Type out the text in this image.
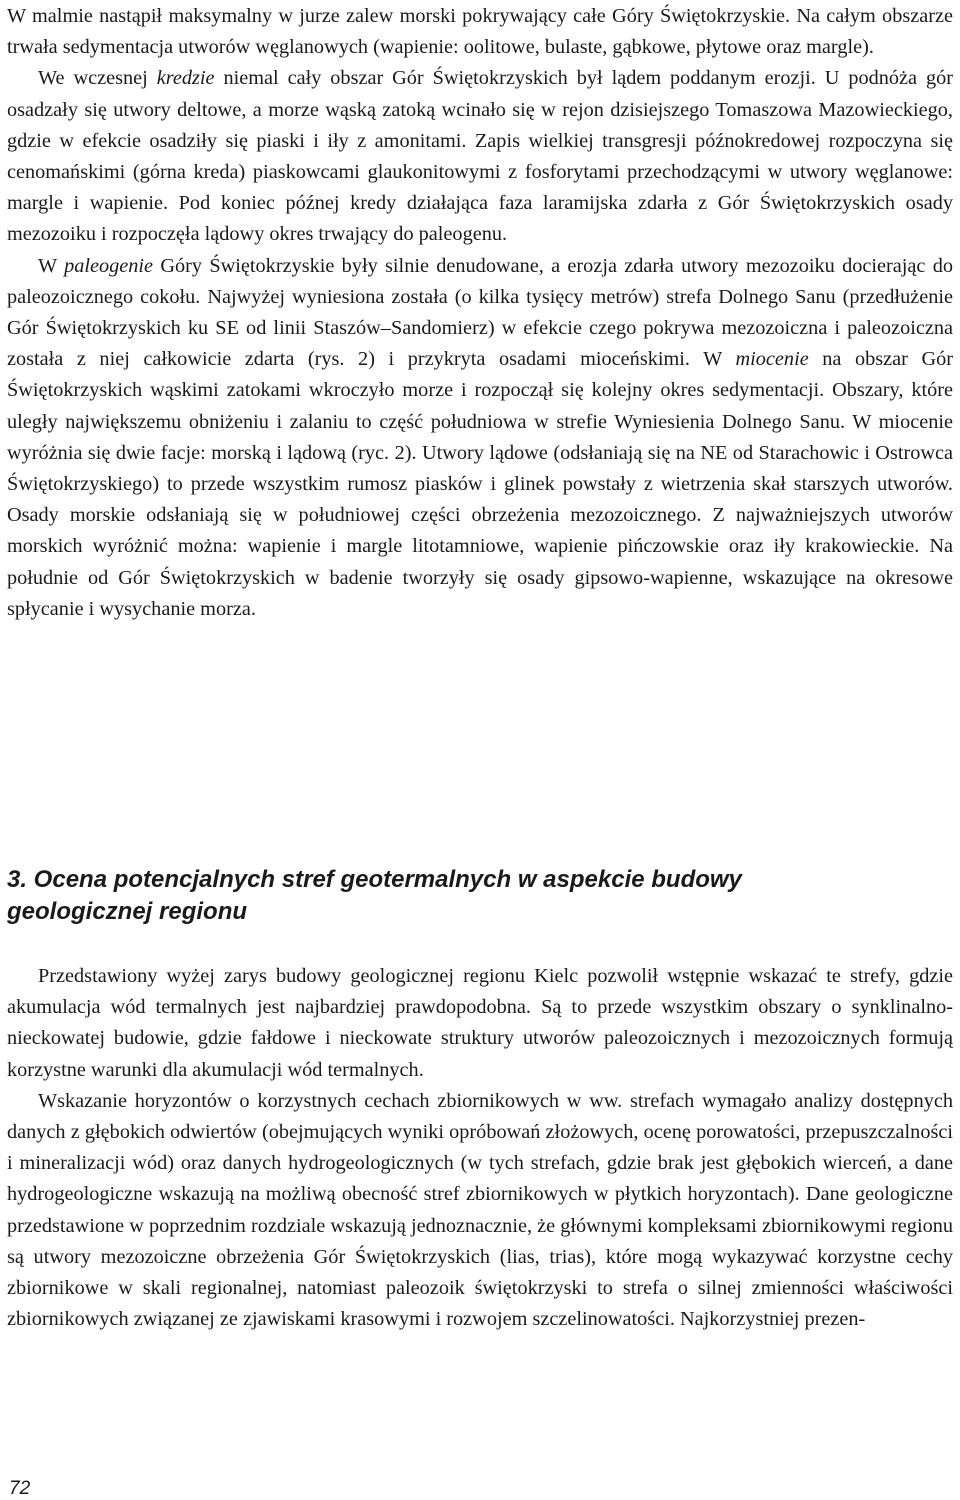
W malmie nastąpił maksymalny w jurze zalew morski pokrywający całe Góry Świętokrzyskie. Na całym obszarze trwała sedymentacja utworów węglanowych (wapienie: oolitowe, bulaste, gąbkowe, płytowe oraz margle).

We wczesnej kredzie niemal cały obszar Gór Świętokrzyskich był lądem poddanym erozji. U podnóża gór osadzały się utwory deltowe, a morze wąską zatoką wcinało się w rejon dzisiejszego Tomaszowa Mazowieckiego, gdzie w efekcie osadziły się piaski i iły z amonitami. Zapis wielkiej transgresji późnokredowej rozpoczyna się cenomańskimi (górna kreda) piaskowcami glaukonitowymi z fosforytami przechodzącymi w utwory węglanowe: margle i wapienie. Pod koniec późnej kredy działająca faza laramijska zdarła z Gór Świętokrzyskich osady mezozoiku i rozpoczęła lądowy okres trwający do paleogenu.

W paleogenie Góry Świętokrzyskie były silnie denudowane, a erozja zdarła utwory mezozoiku docierając do paleozoicznego cokołu. Najwyżej wyniesiona została (o kilka tysięcy metrów) strefa Dolnego Sanu (przedłużenie Gór Świętokrzyskich ku SE od linii Staszów–Sandomierz) w efekcie czego pokrywa mezozoiczna i paleozoiczna została z niej całkowicie zdarta (rys. 2) i przykryta osadami mioceńskimi. W miocenie na obszar Gór Świętokrzyskich wąskimi zatokami wkroczyło morze i rozpoczął się kolejny okres sedymentacji. Obszary, które uległy największemu obniżeniu i zalaniu to część południowa w strefie Wyniesienia Dolnego Sanu. W miocenie wyróżnia się dwie facje: morską i lądową (ryc. 2). Utwory lądowe (odsłaniają się na NE od Starachowic i Ostrowca Świętokrzyskiego) to przede wszystkim rumosz piasków i glinek powstały z wietrzenia skał starszych utworów. Osady morskie odsłaniają się w południowej części obrzeżenia mezozoicznego. Z najważniejszych utworów morskich wyróżnić można: wapienie i margle litotamniowe, wapienie pińczowskie oraz iły krakowieckie. Na południe od Gór Świętokrzyskich w badenie tworzyły się osady gipsowo-wapienne, wskazujące na okresowe spłycanie i wysychanie morza.

3. Ocena potencjalnych stref geotermalnych w aspekcie budowy
geologicznej regionu

Przedstawiony wyżej zarys budowy geologicznej regionu Kielc pozwolił wstępnie wskazać te strefy, gdzie akumulacja wód termalnych jest najbardziej prawdopodobna. Są to przede wszystkim obszary o synklinalno-nieckowatej budowie, gdzie fałdowe i nieckowate struktury utworów paleozoicznych i mezozoicznych formują korzystne warunki dla akumulacji wód termalnych.

Wskazanie horyzontów o korzystnych cechach zbiornikowych w ww. strefach wymagało analizy dostępnych danych z głębokich odwiertów (obejmujących wyniki opróbowań złożowych, ocenę porowatości, przepuszczalności i mineralizacji wód) oraz danych hydrogeologicznych (w tych strefach, gdzie brak jest głębokich wierceń, a dane hydrogeologiczne wskazują na możliwą obecność stref zbiornikowych w płytkich horyzontach). Dane geologiczne przedstawione w poprzednim rozdziale wskazują jednoznacznie, że głównymi kompleksami zbiornikowymi regionu są utwory mezozoiczne obrzeżenia Gór Świętokrzyskich (lias, trias), które mogą wykazywać korzystne cechy zbiornikowe w skali regionalnej, natomiast paleozoik świętokrzyski to strefa o silnej zmienności właściwości zbiornikowych związanej ze zjawiskami krasowymi i rozwojem szczelinowatości. Najkorzystniej prezen-

72
